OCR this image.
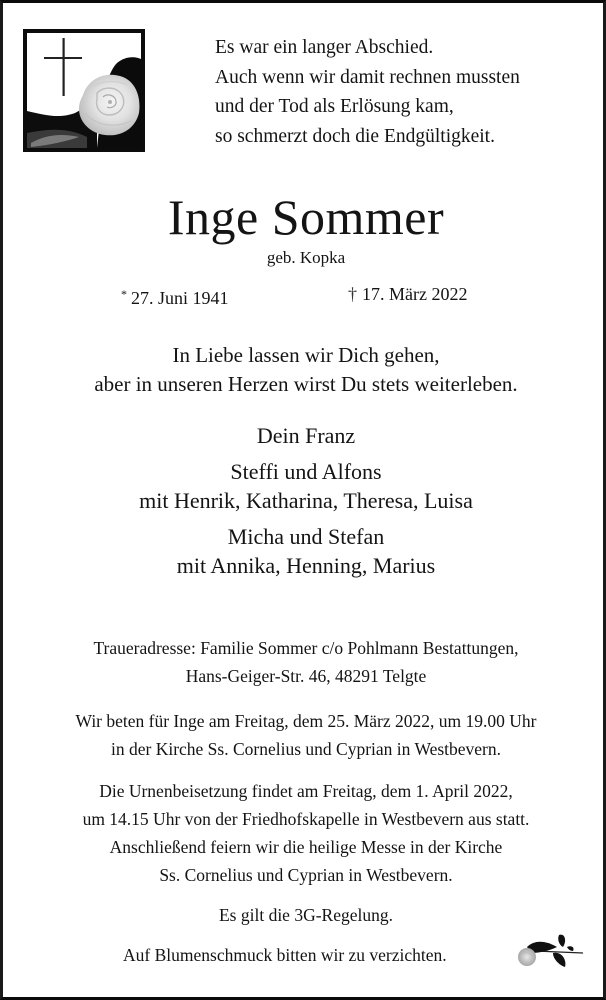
Es war ein langer Abschied.
Auch wenn wir damit rechnen mussten
und der Tod als Erlösung kam,
so schmerzt doch die Endgültigkeit.
Inge Sommer
geb. Kopka
* 27. Juni 1941	† 17. März 2022
In Liebe lassen wir Dich gehen,
aber in unseren Herzen wirst Du stets weiterleben.
Dein Franz
Steffi und Alfons
mit Henrik, Katharina, Theresa, Luisa
Micha und Stefan
mit Annika, Henning, Marius
Traueradresse: Familie Sommer c/o Pohlmann Bestattungen,
Hans-Geiger-Str. 46, 48291 Telgte
Wir beten für Inge am Freitag, dem 25. März 2022, um 19.00 Uhr
in der Kirche Ss. Cornelius und Cyprian in Westbevern.
Die Urnenbeisetzung findet am Freitag, dem 1. April 2022,
um 14.15 Uhr von der Friedhofskapelle in Westbevern aus statt.
Anschließend feiern wir die heilige Messe in der Kirche
Ss. Cornelius und Cyprian in Westbevern.
Es gilt die 3G-Regelung.
Auf Blumenschmuck bitten wir zu verzichten.
